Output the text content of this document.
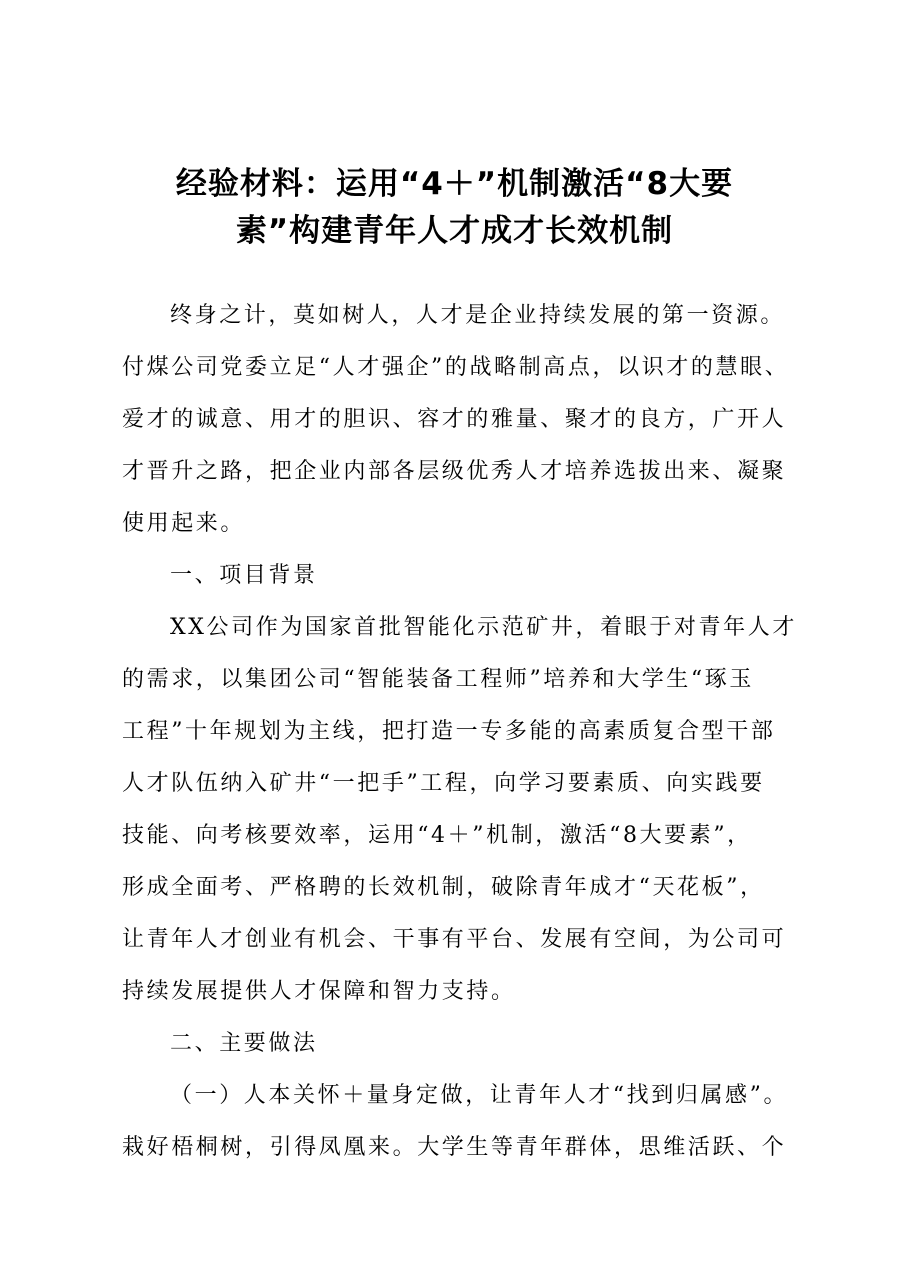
经验材料：运用“4＋”机制激活“8大要
素”构建青年人才成才长效机制
终身之计，莫如树人，人才是企业持续发展的第一资源。
付煤公司党委立足“人才强企”的战略制高点，以识才的慧眼、
爱才的诚意、用才的胆识、容才的雅量、聚才的良方，广开人
才晋升之路，把企业内部各层级优秀人才培养选拔出来、凝聚
使用起来。
一、项目背景
XX公司作为国家首批智能化示范矿井，着眼于对青年人才
的需求，以集团公司“智能装备工程师”培养和大学生“琢玉
工程”十年规划为主线，把打造一专多能的高素质复合型干部
人才队伍纳入矿井“一把手”工程，向学习要素质、向实践要
技能、向考核要效率，运用“4＋”机制，激活“8大要素”，
形成全面考、严格聘的长效机制，破除青年成才“天花板”，
让青年人才创业有机会、干事有平台、发展有空间，为公司可
持续发展提供人才保障和智力支持。
二、主要做法
（一）人本关怀＋量身定做，让青年人才“找到归属感”。
栽好梧桐树，引得凤凰来。大学生等青年群体，思维活跃、个
